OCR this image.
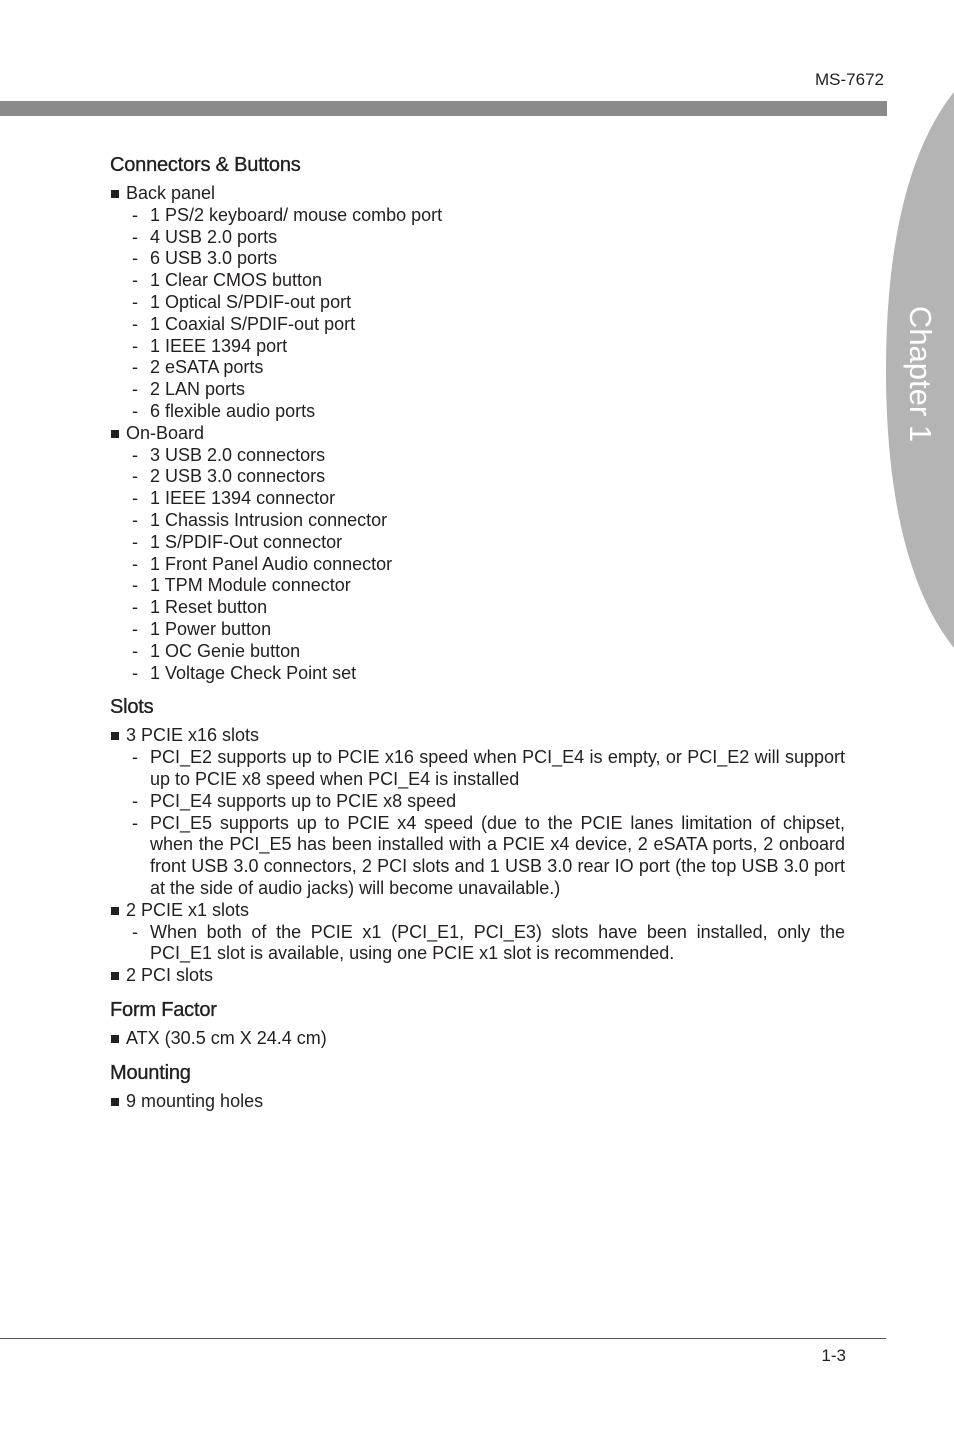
MS-7672
Chapter 1
Connectors & Buttons
Back panel
- 1 PS/2 keyboard/ mouse combo port
- 4 USB 2.0 ports
- 6 USB 3.0 ports
- 1 Clear CMOS button
- 1 Optical S/PDIF-out port
- 1 Coaxial S/PDIF-out port
- 1 IEEE 1394 port
- 2 eSATA ports
- 2 LAN ports
- 6 flexible audio ports
On-Board
- 3 USB 2.0 connectors
- 2 USB 3.0 connectors
- 1 IEEE 1394 connector
- 1 Chassis Intrusion connector
- 1 S/PDIF-Out connector
- 1 Front Panel Audio connector
- 1 TPM Module connector
- 1 Reset button
- 1 Power button
- 1 OC Genie button
- 1 Voltage Check Point set
Slots
3 PCIE x16 slots
- PCI_E2 supports up to PCIE x16 speed when PCI_E4 is empty, or PCI_E2 will support up to PCIE x8 speed when PCI_E4 is installed
- PCI_E4 supports up to PCIE x8 speed
- PCI_E5 supports up to PCIE x4 speed (due to the PCIE lanes limitation of chipset, when the PCI_E5 has been installed with a PCIE x4 device, 2 eSATA ports, 2 onboard front USB 3.0 connectors, 2 PCI slots and 1 USB 3.0 rear IO port (the top USB 3.0 port at the side of audio jacks) will become unavailable.)
2 PCIE x1 slots
- When both of the PCIE x1 (PCI_E1, PCI_E3) slots have been installed, only the PCI_E1 slot is available, using one PCIE x1 slot is recommended.
2 PCI slots
Form Factor
ATX (30.5 cm X 24.4 cm)
Mounting
9 mounting holes
1-3
